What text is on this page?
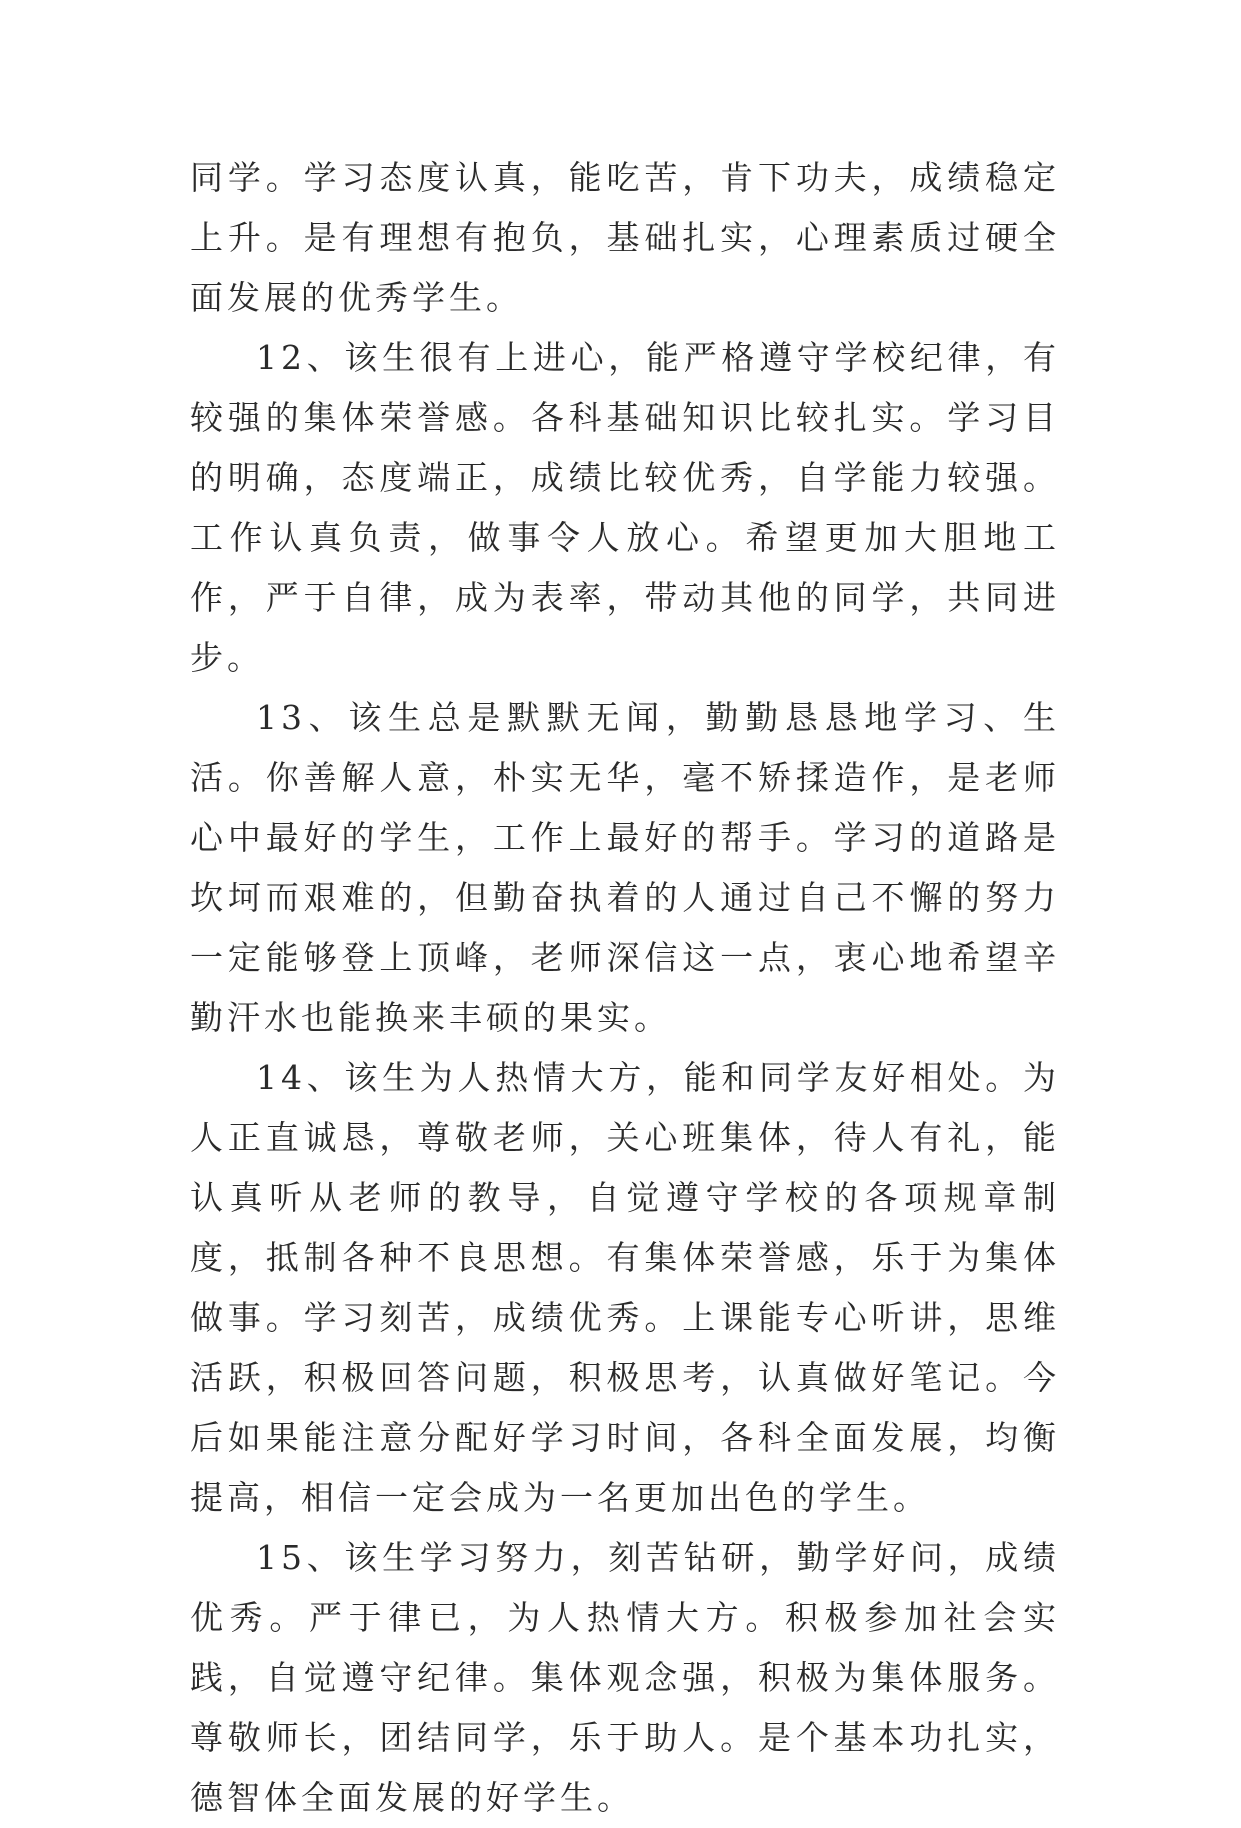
同学。学习态度认真，能吃苦，肯下功夫，成绩稳定上升。是有理想有抱负，基础扎实，心理素质过硬全面发展的优秀学生。

12、该生很有上进心，能严格遵守学校纪律，有较强的集体荣誉感。各科基础知识比较扎实。学习目的明确，态度端正，成绩比较优秀，自学能力较强。工作认真负责，做事令人放心。希望更加大胆地工作，严于自律，成为表率，带动其他的同学，共同进步。

13、该生总是默默无闻，勤勤恳恳地学习、生活。你善解人意，朴实无华，毫不矫揉造作，是老师心中最好的学生，工作上最好的帮手。学习的道路是坎坷而艰难的，但勤奋执着的人通过自己不懈的努力一定能够登上顶峰，老师深信这一点，衷心地希望辛勤汗水也能换来丰硕的果实。

14、该生为人热情大方，能和同学友好相处。为人正直诚恳，尊敬老师，关心班集体，待人有礼，能认真听从老师的教导，自觉遵守学校的各项规章制度，抵制各种不良思想。有集体荣誉感，乐于为集体做事。学习刻苦，成绩优秀。上课能专心听讲，思维活跃，积极回答问题，积极思考，认真做好笔记。今后如果能注意分配好学习时间，各科全面发展，均衡提高，相信一定会成为一名更加出色的学生。

15、该生学习努力，刻苦钻研，勤学好问，成绩优秀。严于律已，为人热情大方。积极参加社会实践，自觉遵守纪律。集体观念强，积极为集体服务。尊敬师长，团结同学，乐于助人。是个基本功扎实，德智体全面发展的好学生。
